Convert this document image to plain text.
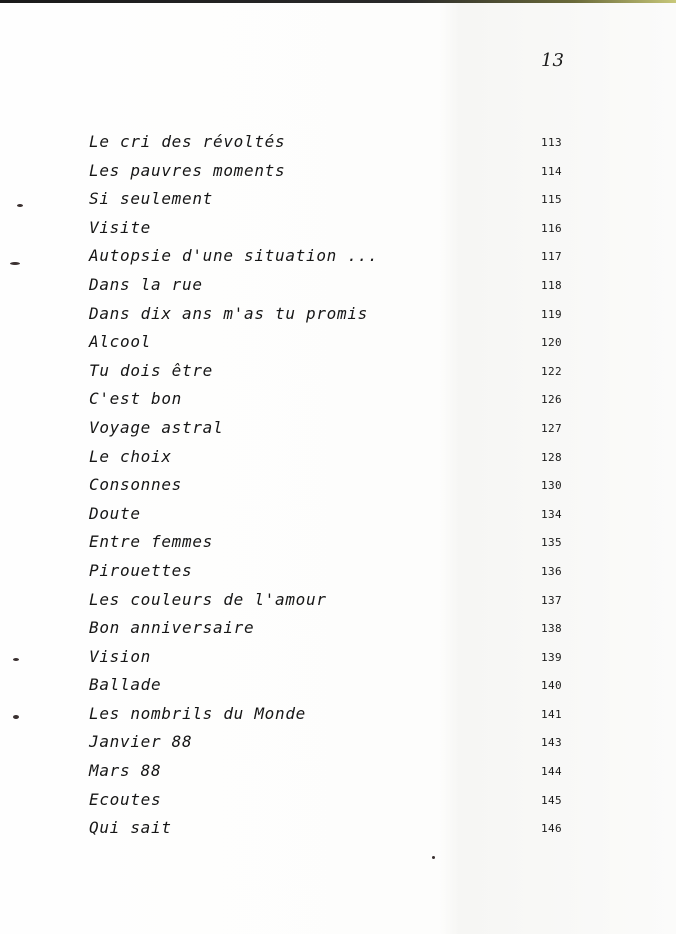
13
Le cri des révoltés	113
Les pauvres moments	114
Si seulement	115
Visite	116
Autopsie d'une situation ...	117
Dans la rue	118
Dans dix ans m'as tu promis	119
Alcool	120
Tu dois être	122
C'est bon	126
Voyage astral	127
Le choix	128
Consonnes	130
Doute	134
Entre femmes	135
Pirouettes	136
Les couleurs de l'amour	137
Bon anniversaire	138
Vision	139
Ballade	140
Les nombrils du Monde	141
Janvier 88	143
Mars 88	144
Ecoutes	145
Qui sait	146
